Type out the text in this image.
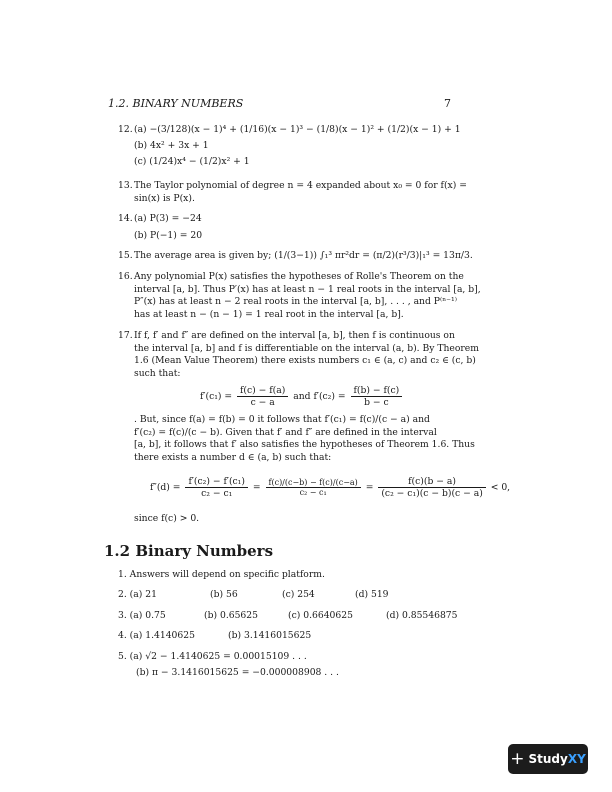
1.2. BINARY NUMBERS	7
12.(a) −(3/128)(x − 1)⁴ + (1/16)(x − 1)³ − (1/8)(x − 1)² + (1/2)(x − 1) + 1
(b) 4x² + 3x + 1
(c) (1/24)x⁴ − (1/2)x² + 1
13.The Taylor polynomial of degree n = 4 expanded about x₀ = 0 for f(x) =
sin(x) is P(x).
14.(a) P(3) = −24
(b) P(−1) = 20
15.The average area is given by; (1/(3−1)) ∫₁³ πr²dr = (π/2)(r³/3)|₁³ = 13π/3.
16.Any polynomial P(x) satisfies the hypotheses of Rolle's Theorem on the
interval [a, b]. Thus P′(x) has at least n − 1 real roots in the interval [a, b],
P″(x) has at least n − 2 real roots in the interval [a, b], . . . , and P⁽ⁿ⁻¹⁾
has at least n − (n − 1) = 1 real root in the interval [a, b].
17.If f, f′ and f″ are defined on the interval [a, b], then f is continuous on
the interval [a, b] and f is differentiable on the interval (a, b). By Theorem
1.6 (Mean Value Theorem) there exists numbers c₁ ∈ (a, c) and c₂ ∈ (c, b)
such that:
$f'(c_1) = \frac{f(c) - f(a)}{c - a}$ and $f'(c_2) = \frac{f(b) - f(c)}{b - c}$
. But, since f(a) = f(b) = 0 it follows that f′(c₁) = f(c)/(c − a) and
f′(c₂) = f(c)/(c − b). Given that f′ and f″ are defined in the interval
[a, b], it follows that f′ also satisfies the hypotheses of Theorem 1.6. Thus
there exists a number d ∈ (a, b) such that:
$f''(d) = \frac{\text{f′(c₂) − f′(c₁)}}{\text{c₂ − c₁}} = \frac{f(c)/(c-b) - f(c)/(c-a)}{\text{c₂ − c₁}} = \frac{f(c)(b - a)}{\text{(c₂ − c₁)(c − b)(c − a)}} < 0$,
since f(c) > 0.
1.2 Binary Numbers
1. Answers will depend on specific platform.
2. (a) 21	(b) 56	(c) 254	(d) 519
3. (a) 0.75	(b) 0.65625	(c) 0.6640625	(d) 0.85546875
4. (a) 1.4140625	(b) 3.1416015625
5. (a) √2 − 1.4140625 = 0.00015109 . . .
(b) π − 3.1416015625 = −0.000008908 . . .
+ StudyXY
